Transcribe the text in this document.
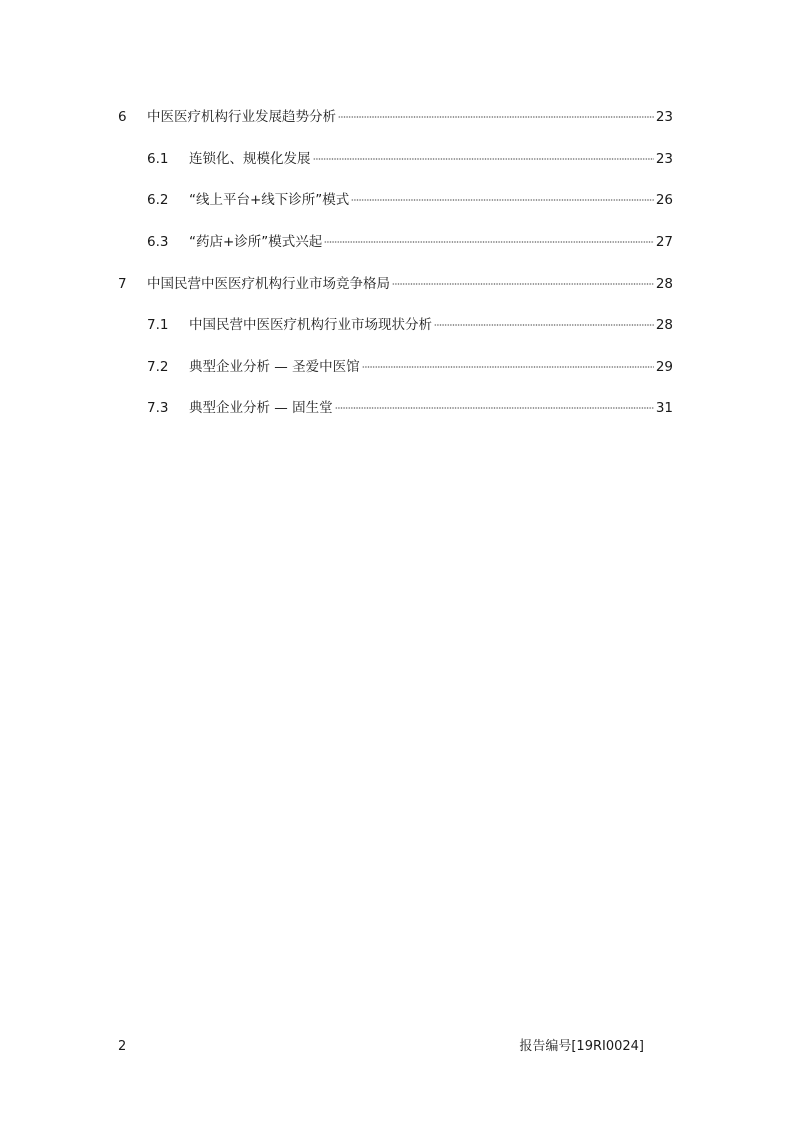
6	中医医疗机构行业发展趋势分析	23
6.1	连锁化、规模化发展	23
6.2	“线上平台+线下诊所”模式	26
6.3	“药店+诊所”模式兴起	27
7	中国民营中医医疗机构行业市场竞争格局	28
7.1	中国民营中医医疗机构行业市场现状分析	28
7.2	典型企业分析 — 圣爱中医馆	29
7.3	典型企业分析 — 固生堂	31
2	报告编号[19RI0024]
